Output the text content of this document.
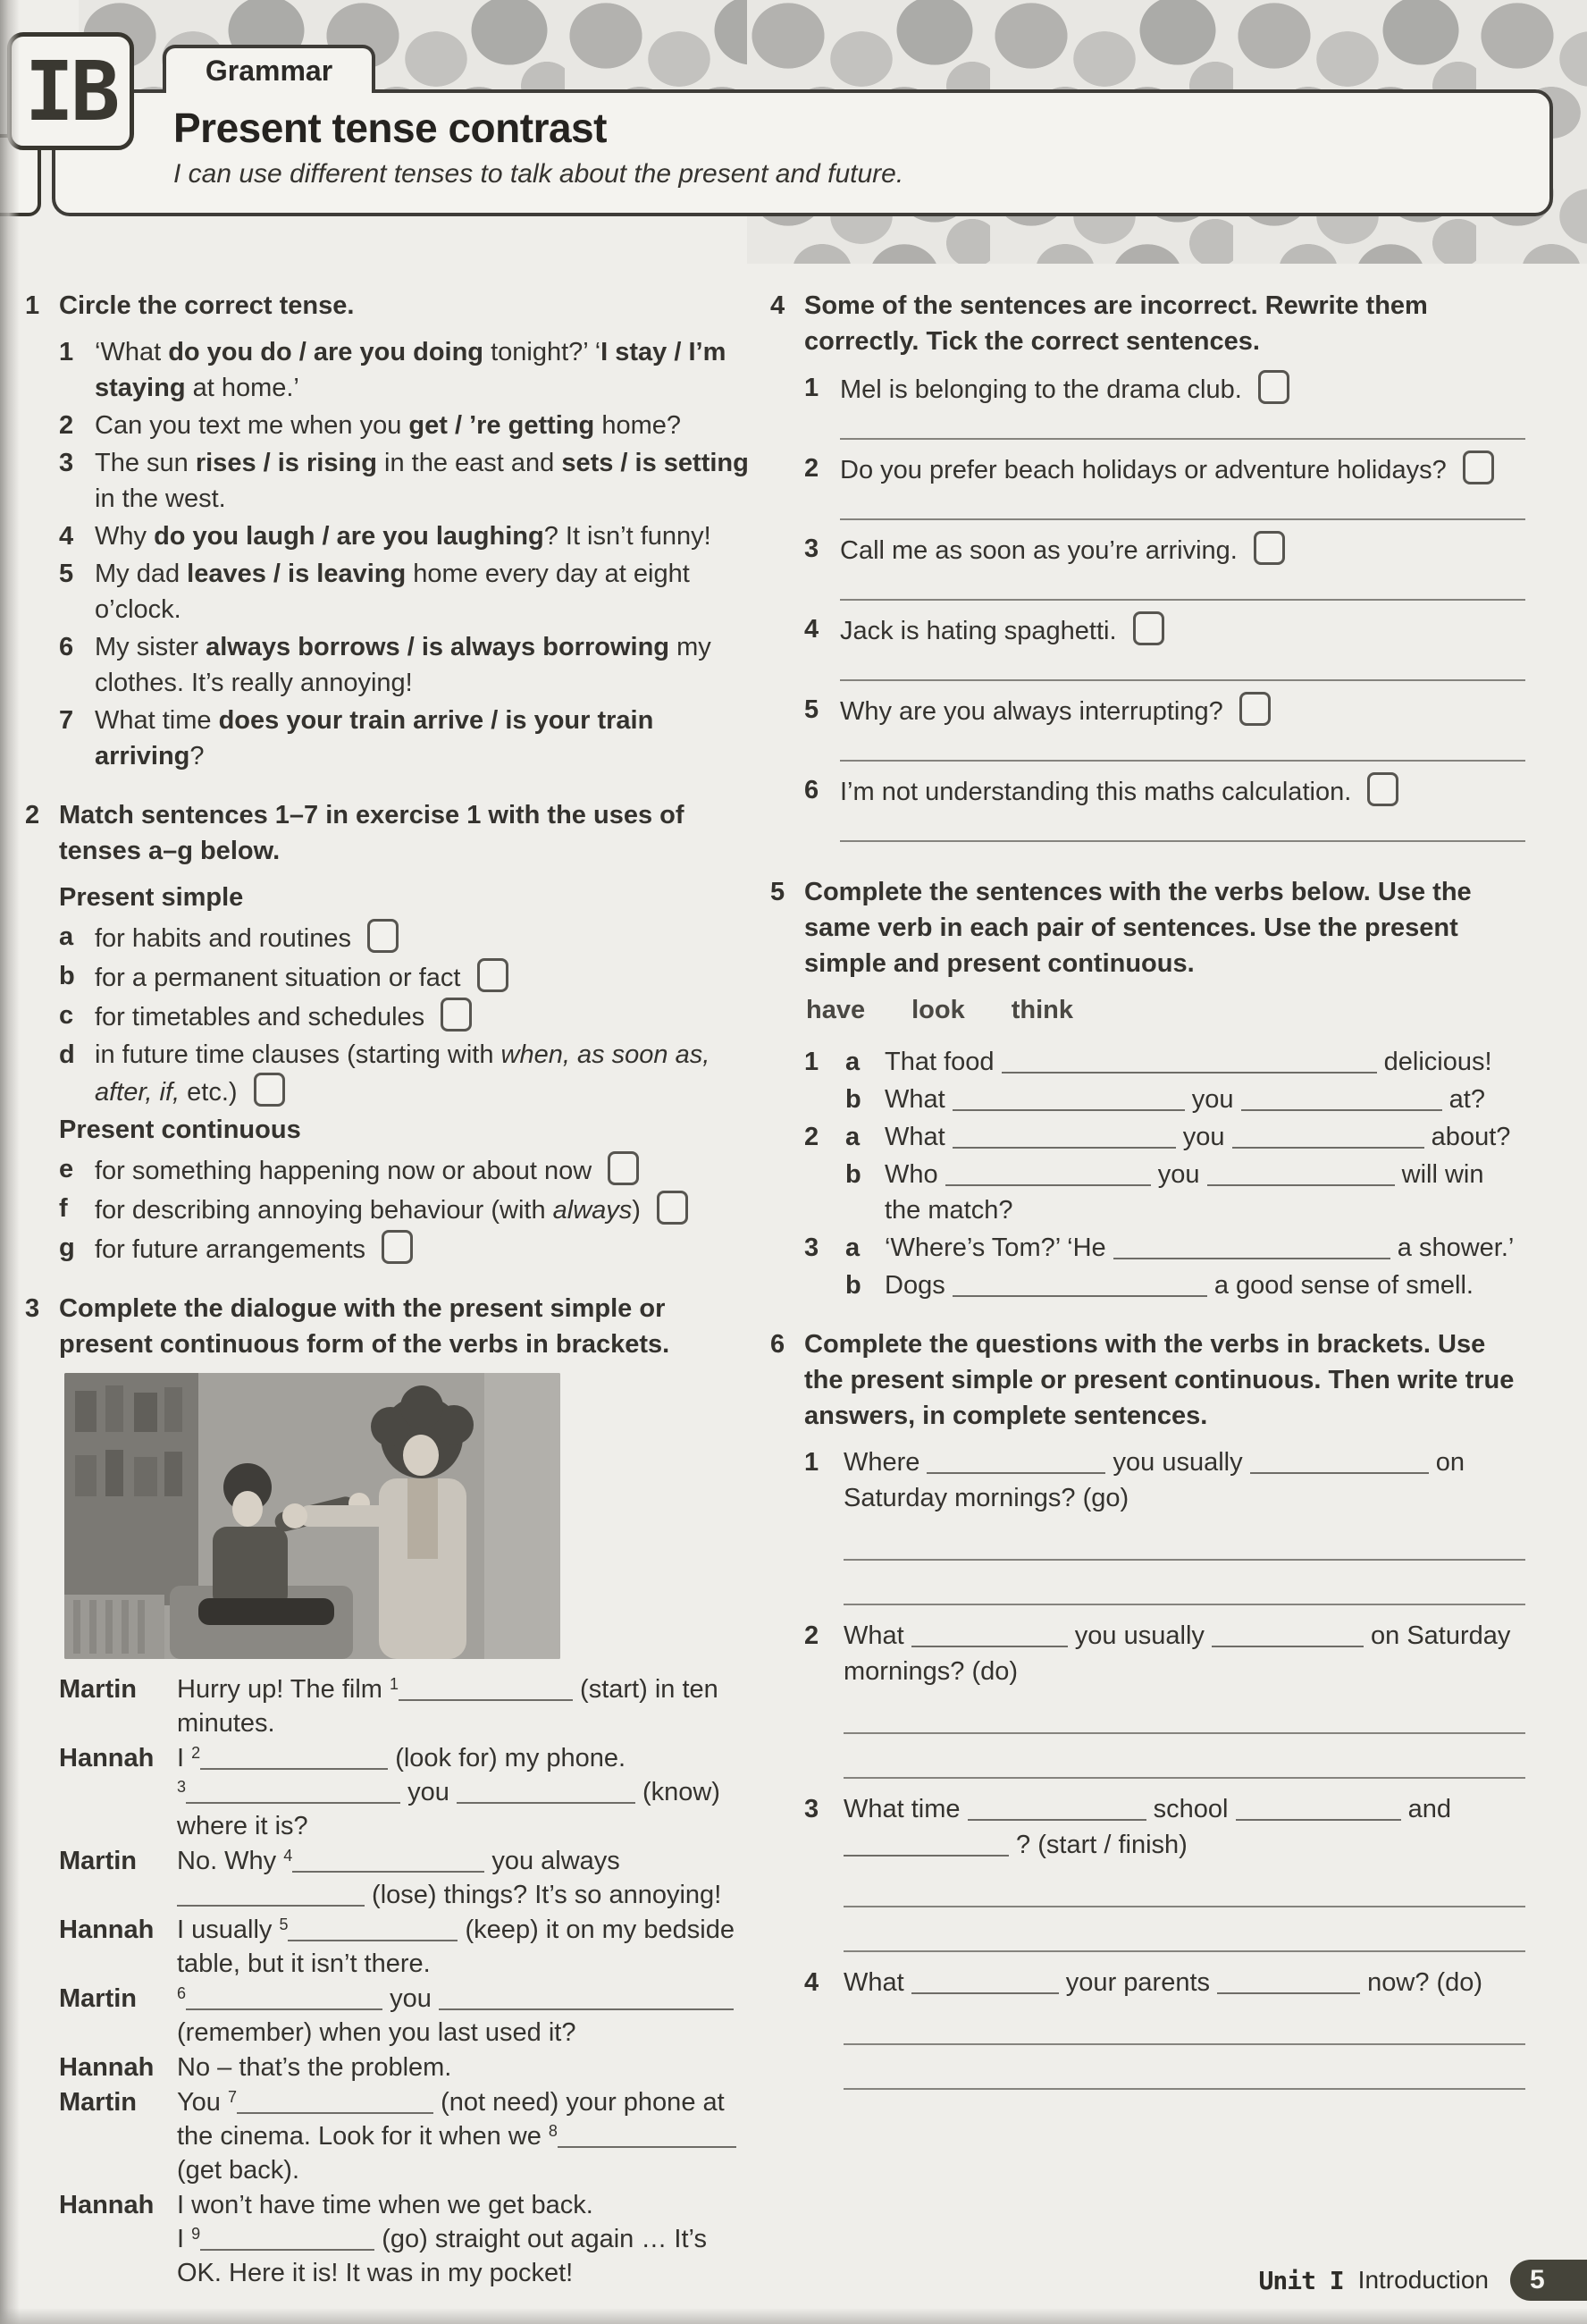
Present tense contrast
I can use different tenses to talk about the present and future.
Grammar
IB
1 Circle the correct tense.
1 ‘What do you do / are you doing tonight?’ ‘I stay / I’m staying at home.’
2 Can you text me when you get / ’re getting home?
3 The sun rises / is rising in the east and sets / is setting in the west.
4 Why do you laugh / are you laughing? It isn’t funny!
5 My dad leaves / is leaving home every day at eight o’clock.
6 My sister always borrows / is always borrowing my clothes. It’s really annoying!
7 What time does your train arrive / is your train arriving?
2 Match sentences 1–7 in exercise 1 with the uses of tenses a–g below.
Present simple
a for habits and routines
b for a permanent situation or fact
c for timetables and schedules
d in future time clauses (starting with when, as soon as, after, if, etc.)
Present continuous
e for something happening now or about now
f	for describing annoying behaviour (with always)
g for future arrangements
3 Complete the dialogue with the present simple or present continuous form of the verbs in brackets.
Martin	Hurry up! The film $^1$	(start) in ten minutes.
Hannah I $^2$	(look for) my phone. $^3$	you	(know) where it is?
Martin	No. Why $^4$	you always  (lose) things? It’s so annoying!
Hannah I usually $^5$	(keep) it on my bedside table, but it isn’t there.
Martin	$^6$	you  (remember) when you last used it?
Hannah No – that’s the problem.
Martin	You $^7$	(not need) your phone at the cinema. Look for it when we $^8$ (get back).
Hannah I won’t have time when we get back. I $^9$	(go) straight out again … It’s OK. Here it is! It was in my pocket!
4 Some of the sentences are incorrect. Rewrite them correctly. Tick the correct sentences.
1 Mel is belonging to the drama club.
2 Do you prefer beach holidays or adventure holidays?
3 Call me as soon as you’re arriving.
4 Jack is hating spaghetti.
5 Why are you always interrupting?
6 I’m not understanding this maths calculation.
5 Complete the sentences with the verbs below. Use the same verb in each pair of sentences. Use the present simple and present continuous.
have look think
1	a That food	delicious!
b What	you	at?
2	a What	you	about?
b Who	you	will win the match?
3	a ‘Where’s Tom?’ ‘He	a shower.’
b Dogs	a good sense of smell.
6 Complete the questions with the verbs in brackets. Use the present simple or present continuous. Then write true answers, in complete sentences.
1 Where	you usually	on Saturday mornings? (go)
2 What	you usually	on Saturday mornings? (do)
3 What time	school	and  ? (start / finish)
4 What	your parents	now? (do)
Unit I Introduction 5
